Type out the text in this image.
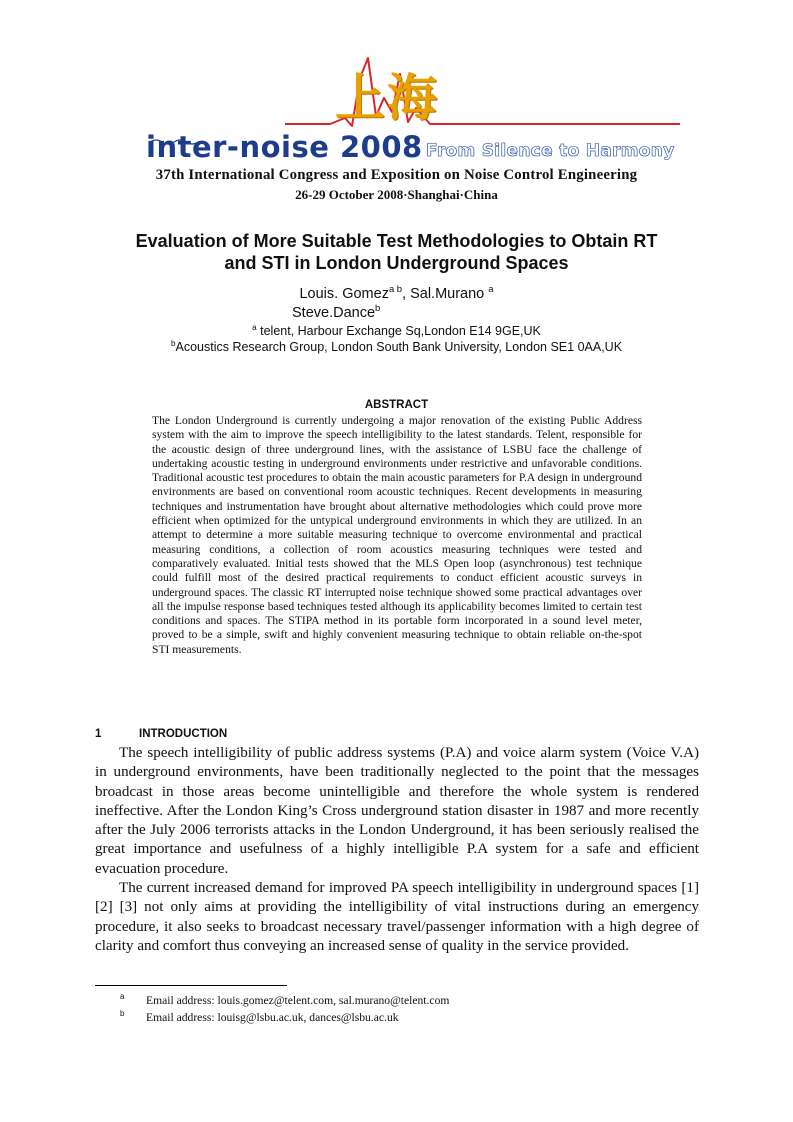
上海
inter-noise 2008 From Silence to Harmony
37th International Congress and Exposition on Noise Control Engineering
26-29 October 2008·Shanghai·China
Evaluation of More Suitable Test Methodologies to Obtain RT and STI in London Underground Spaces
Louis. Gomez$^{a b}$, Sal.Murano $^a$
Steve.Dance$^b$
$^a$ telent, Harbour Exchange Sq,London E14 9GE,UK
$^b$Acoustics Research Group, London South Bank University, London SE1 0AA,UK
ABSTRACT
The London Underground is currently undergoing a major renovation of the existing Public Address system with the aim to improve the speech intelligibility to the latest standards. Telent, responsible for the acoustic design of three underground lines, with the assistance of LSBU face the challenge of undertaking acoustic testing in underground environments under restrictive and unfavorable conditions. Traditional acoustic test procedures to obtain the main acoustic parameters for P.A design in underground environments are based on conventional room acoustic techniques. Recent developments in measuring techniques and instrumentation have brought about alternative methodologies which could prove more efficient when optimized for the untypical underground environments in which they are utilized. In an attempt to determine a more suitable measuring technique to overcome environmental and practical measuring conditions, a collection of room acoustics measuring techniques were tested and comparatively evaluated. Initial tests showed that the MLS Open loop (asynchronous) test technique could fulfill most of the desired practical requirements to conduct efficient acoustic surveys in underground spaces. The classic RT interrupted noise technique showed some practical advantages over all the impulse response based techniques tested although its applicability becomes limited to certain test conditions and spaces. The STIPA method in its portable form incorporated in a sound level meter, proved to be a simple, swift and highly convenient measuring technique to obtain reliable on-the-spot STI measurements.
1	INTRODUCTION

The speech intelligibility of public address systems (P.A) and voice alarm system (Voice V.A) in underground environments, have been traditionally neglected to the point that the messages broadcast in those areas become unintelligible and therefore the whole system is rendered ineffective. After the London King’s Cross underground station disaster in 1987 and more recently after the July 2006 terrorists attacks in the London Underground, it has been seriously realised the great importance and usefulness of a highly intelligible P.A system for a safe and efficient evacuation procedure.

The current increased demand for improved PA speech intelligibility in underground spaces [1] [2] [3] not only aims at providing the intelligibility of vital instructions during an emergency procedure, it also seeks to broadcast necessary travel/passenger information with a high degree of clarity and comfort thus conveying an increased sense of quality in the service provided.

a Email address: louis.gomez@telent.com, sal.murano@telent.com
b Email address: louisg@lsbu.ac.uk, dances@lsbu.ac.uk
